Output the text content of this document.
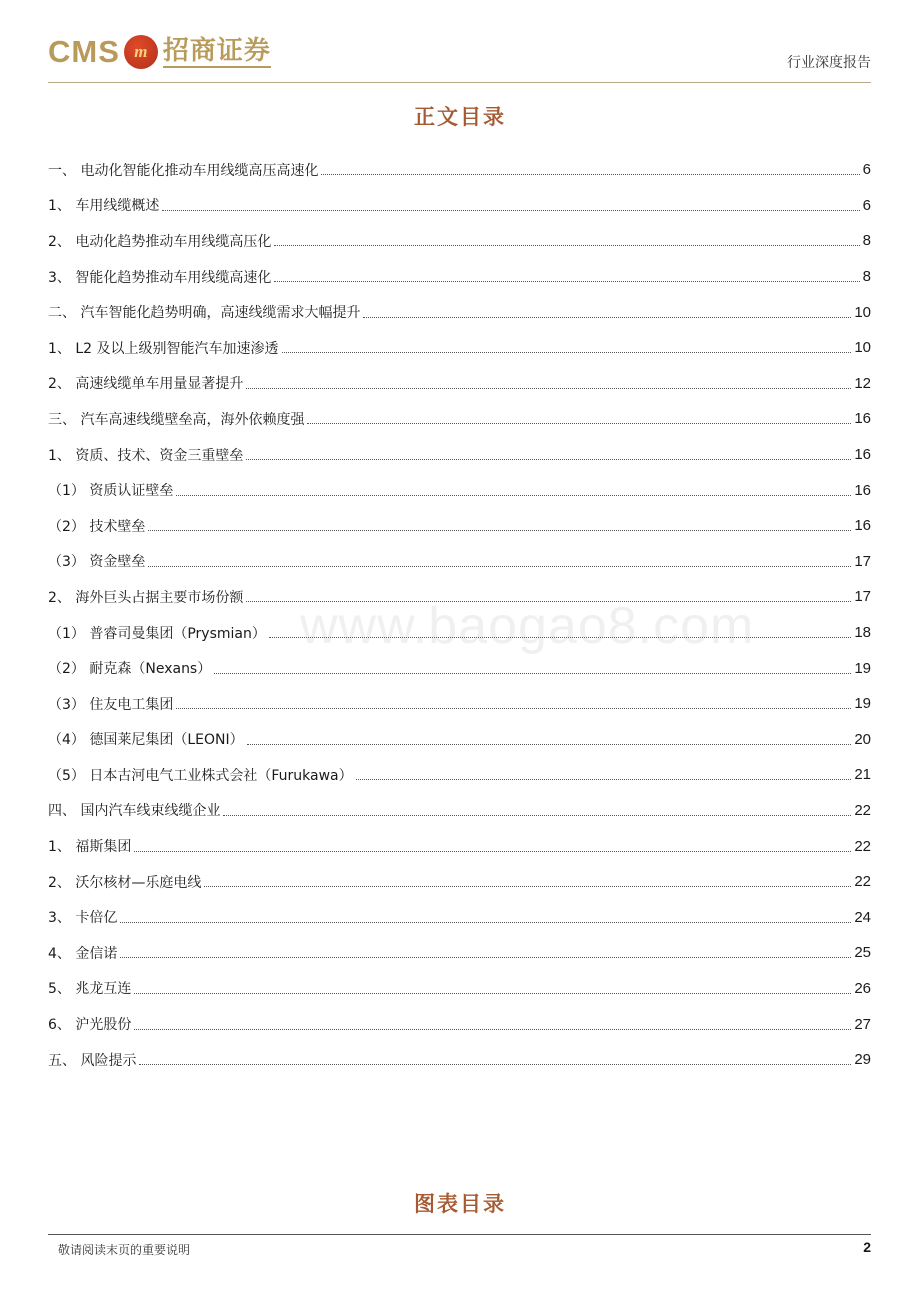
CMS m 招商证券	行业深度报告
正文目录
一、 电动化智能化推动车用线缆高压高速化	6
1、 车用线缆概述	6
2、 电动化趋势推动车用线缆高压化	8
3、 智能化趋势推动车用线缆高速化	8
二、 汽车智能化趋势明确，高速线缆需求大幅提升	10
1、 L2 及以上级别智能汽车加速渗透	10
2、 高速线缆单车用量显著提升	12
三、 汽车高速线缆壁垒高，海外依赖度强	16
1、 资质、技术、资金三重壁垒	16
（1） 资质认证壁垒	16
（2） 技术壁垒	16
（3） 资金壁垒	17
2、 海外巨头占据主要市场份额	17
（1） 普睿司曼集团（Prysmian）	18
（2） 耐克森（Nexans）	19
（3） 住友电工集团	19
（4） 德国莱尼集团（LEONI）	20
（5） 日本古河电气工业株式会社（Furukawa）	21
四、 国内汽车线束线缆企业	22
1、 福斯集团	22
2、 沃尔核材—乐庭电线	22
3、 卡倍亿	24
4、 金信诺	25
5、 兆龙互连	26
6、 沪光股份	27
五、 风险提示	29
www.baogao8.com
图表目录
敬请阅读末页的重要说明	2
